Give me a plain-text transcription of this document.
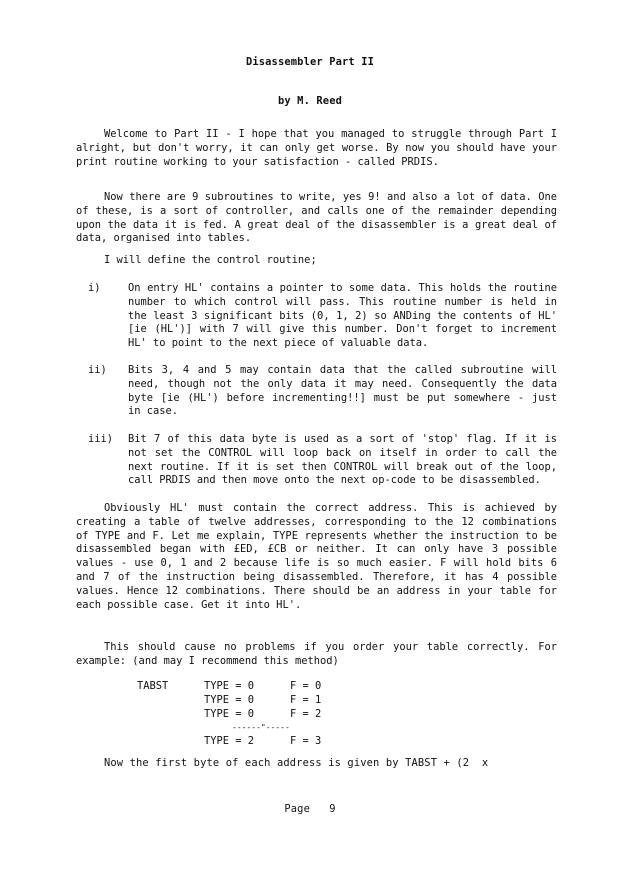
Disassembler Part II
by M. Reed
Welcome to Part II - I hope that you managed to struggle through Part I alright, but don't worry, it can only get worse. By now you should have your print routine working to your satisfaction - called PRDIS.
Now there are 9 subroutines to write, yes 9! and also a lot of data. One of these, is a sort of controller, and calls one of the remainder depending upon the data it is fed. A great deal of the disassembler is a great deal of data, organised into tables.
I will define the control routine;
i)	On entry HL' contains a pointer to some data. This holds the routine number to which control will pass. This routine number is held in the least 3 significant bits (0, 1, 2) so ANDing the contents of HL' [ie (HL')] with 7 will give this number. Don't forget to increment HL' to point to the next piece of valuable data.
ii)	Bits 3, 4 and 5 may contain data that the called subroutine will need, though not the only data it may need. Consequently the data byte [ie (HL') before incrementing!!] must be put somewhere - just in case.
iii)	Bit 7 of this data byte is used as a sort of 'stop' flag. If it is not set the CONTROL will loop back on itself in order to call the next routine. If it is set then CONTROL will break out of the loop, call PRDIS and then move onto the next op-code to be disassembled.
Obviously HL' must contain the correct address. This is achieved by creating a table of twelve addresses, corresponding to the 12 combinations of TYPE and F. Let me explain, TYPE represents whether the instruction to be disassembled began with £ED, £CB or neither. It can only have 3 possible values - use 0, 1 and 2 because life is so much easier. F will hold bits 6 and 7 of the instruction being disassembled. Therefore, it has 4 possible values. Hence 12 combinations. There should be an address in your table for each possible case. Get it into HL'.
This should cause no problems if you order your table correctly. For example: (and may I recommend this method)
TABST	TYPE = 0	F = 0
TYPE = 0	F = 1
TYPE = 0	F = 2
------"-----
TYPE = 2	F = 3
Now the first byte of each address is given by TABST + (2  x
Page   9
